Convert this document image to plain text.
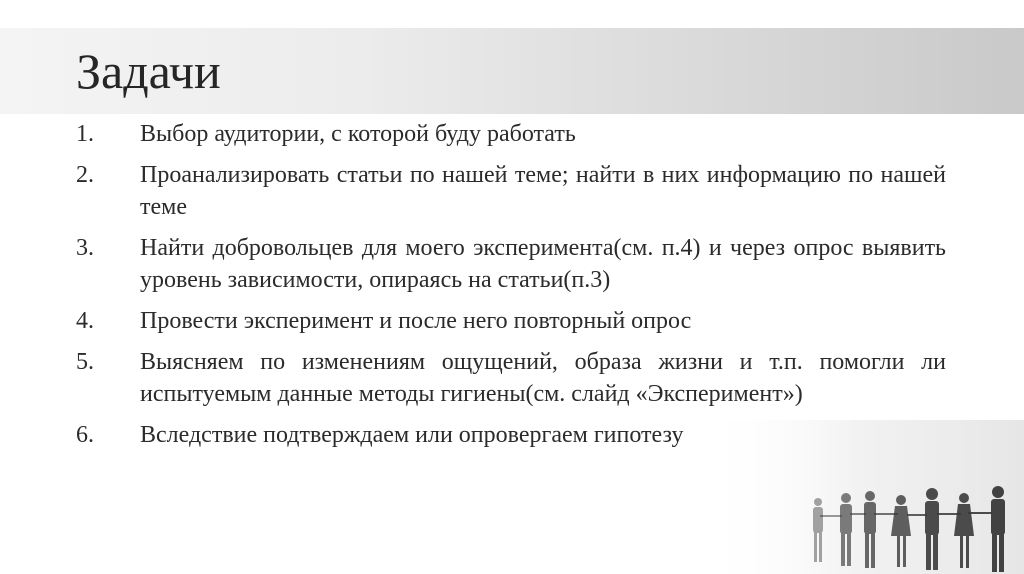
Задачи
1.	Выбор аудитории, с которой буду работать
2.	Проанализировать статьи по нашей теме; найти в них информацию по нашей теме
3.	Найти добровольцев для моего эксперимента(см. п.4) и через опрос выявить уровень зависимости, опираясь на статьи(п.3)
4.	Провести эксперимент и после него повторный опрос
5.	Выясняем по изменениям ощущений, образа жизни и т.п. помогли ли испытуемым данные методы гигиены(см. слайд «Эксперимент»)
6.	Вследствие подтверждаем или опровергаем гипотезу
